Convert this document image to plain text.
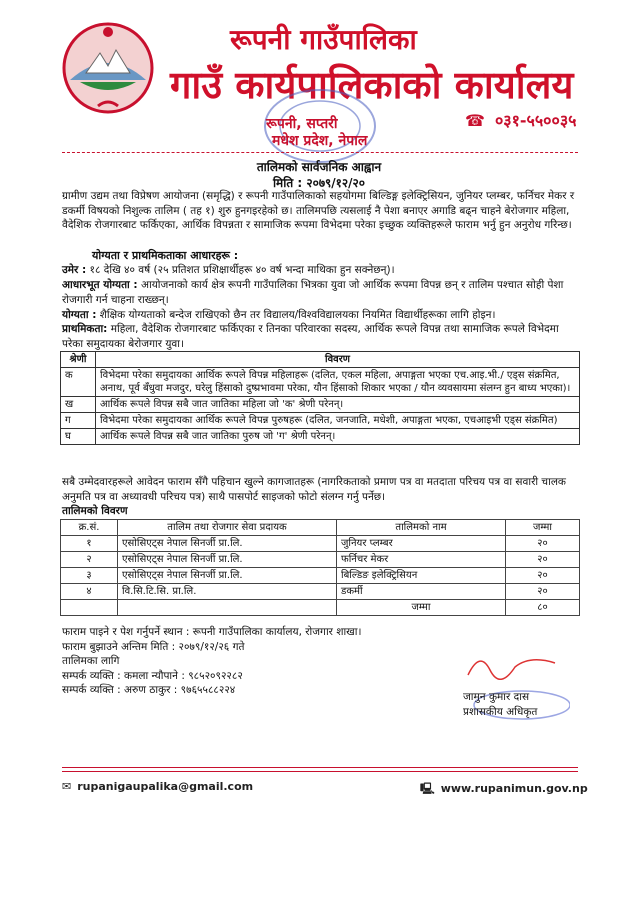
रूपनी गाउँपालिका
गाउँ कार्यपालिकाको कार्यालय
रूपनी, सप्तरी
मधेश प्रदेश, नेपाल
☎ ०३१-५५००३५
तालिमको सार्वजनिक आह्वान
मिति : २०७९/१२/२०
ग्रामीण उद्यम तथा विप्रेषण आयोजना (समृद्धि) र रूपनी गाउँपालिकाको सहयोगमा बिल्डिङ्ग इलेक्ट्रिसियन, जुनियर प्लम्बर, फर्निचर मेकर र डकर्मी विषयको निशुल्क तालिम ( तह १) शुरु हुनगइरहेको छ। तालिमपछि त्यसलाई नै पेशा बनाएर अगाडि बढ्न चाहने बेरोजगार महिला, वैदेशिक रोजगारबाट फर्किएका, आर्थिक विपन्नता र सामाजिक रूपमा विभेदमा परेका इच्छुक व्यक्तिहरूले फाराम भर्नु हुन अनुरोध गरिन्छ।
योग्यता र प्राथमिकताका आधारहरू :
उमेर : १८ देखि ४० वर्ष (२५ प्रतिशत प्रशिक्षार्थीहरू ४० वर्ष भन्दा माथिका हुन सक्नेछन्)।
आधारभूत योग्यता : आयोजनाको कार्य क्षेत्र रूपनी गाउँपालिका भित्रका युवा जो आर्थिक रूपमा विपन्न छन् र तालिम पश्चात सोही पेशा रोजगारी गर्न चाहना राख्छन्।
योग्यता : शैक्षिक योग्यताको बन्देज राखिएको छैन तर विद्यालय/विश्वविद्यालयका नियमित विद्यार्थीहरूका लागि होइन।
प्राथमिकता: महिला, वैदेशिक रोजगारबाट फर्किएका र तिनका परिवारका सदस्य, आर्थिक रूपले विपन्न तथा सामाजिक रूपले विभेदमा परेका समुदायका बेरोजगार युवा।
श्रेणी	विवरण
क	विभेदमा परेका समुदायका आर्थिक रूपले विपन्न महिलाहरू (दलित, एकल महिला, अपाङ्गता भएका एच.आइ.भी./ एड्स संक्रमित, अनाथ, पूर्व बँधुवा मजदुर, घरेलु हिंसाको दुष्प्रभावमा परेका, यौन हिंसाको शिकार भएका / यौन व्यवसायमा संलग्न हुन बाध्य भएका)।
ख	आर्थिक रूपले विपन्न सबै जात जातिका महिला जो 'क' श्रेणी परेनन्।
ग	विभेदमा परेका समुदायका आर्थिक रूपले विपन्न पुरुषहरू (दलित, जनजाति, मधेशी, अपाङ्गता भएका, एचआइभी एड्स संक्रमित)
घ	आर्थिक रूपले विपन्न सबै जात जातिका पुरुष जो 'ग' श्रेणी परेनन्।
सबै उम्मेदवारहरूले आवेदन फाराम सँगै पहिचान खुल्ने कागजातहरू (नागरिकताको प्रमाण पत्र वा मतदाता परिचय पत्र वा सवारी चालक अनुमति पत्र वा अध्यावधी परिचय पत्र) साथै पासपोर्ट साइजको फोटो संलग्न गर्नु पर्नेछ।
तालिमको विवरण
क्र.सं.	तालिम तथा रोजगार सेवा प्रदायक	तालिमको नाम	जम्मा
१	एसोसिएट्स नेपाल सिनर्जी प्रा.लि.	जुनियर प्लम्बर	२०
२	एसोसिएट्स नेपाल सिनर्जी प्रा.लि.	फर्निचर मेकर	२०
३	एसोसिएट्स नेपाल सिनर्जी प्रा.लि.	बिल्डिङ इलेक्ट्रिसियन	२०
४	वि.सि.टि.सि. प्रा.लि.	डकर्मी	२०
		जम्मा	८०
फाराम पाइने र पेश गर्नुपर्ने स्थान : रूपनी गाउँपालिका कार्यालय, रोजगार शाखा।
फाराम बुझाउने अन्तिम मिति : २०७९/१२/२६ गते
तालिमका लागि
सम्पर्क व्यक्ति : कमला न्यौपाने : ९८५२०९२२८२
सम्पर्क व्यक्ति : अरुण ठाकुर : ९७६५५८८२२४
जामुन कुमार दास
प्रशासकीय अधिकृत
✉ rupanigaupalika@gmail.com	🖳 www.rupanimun.gov.np
